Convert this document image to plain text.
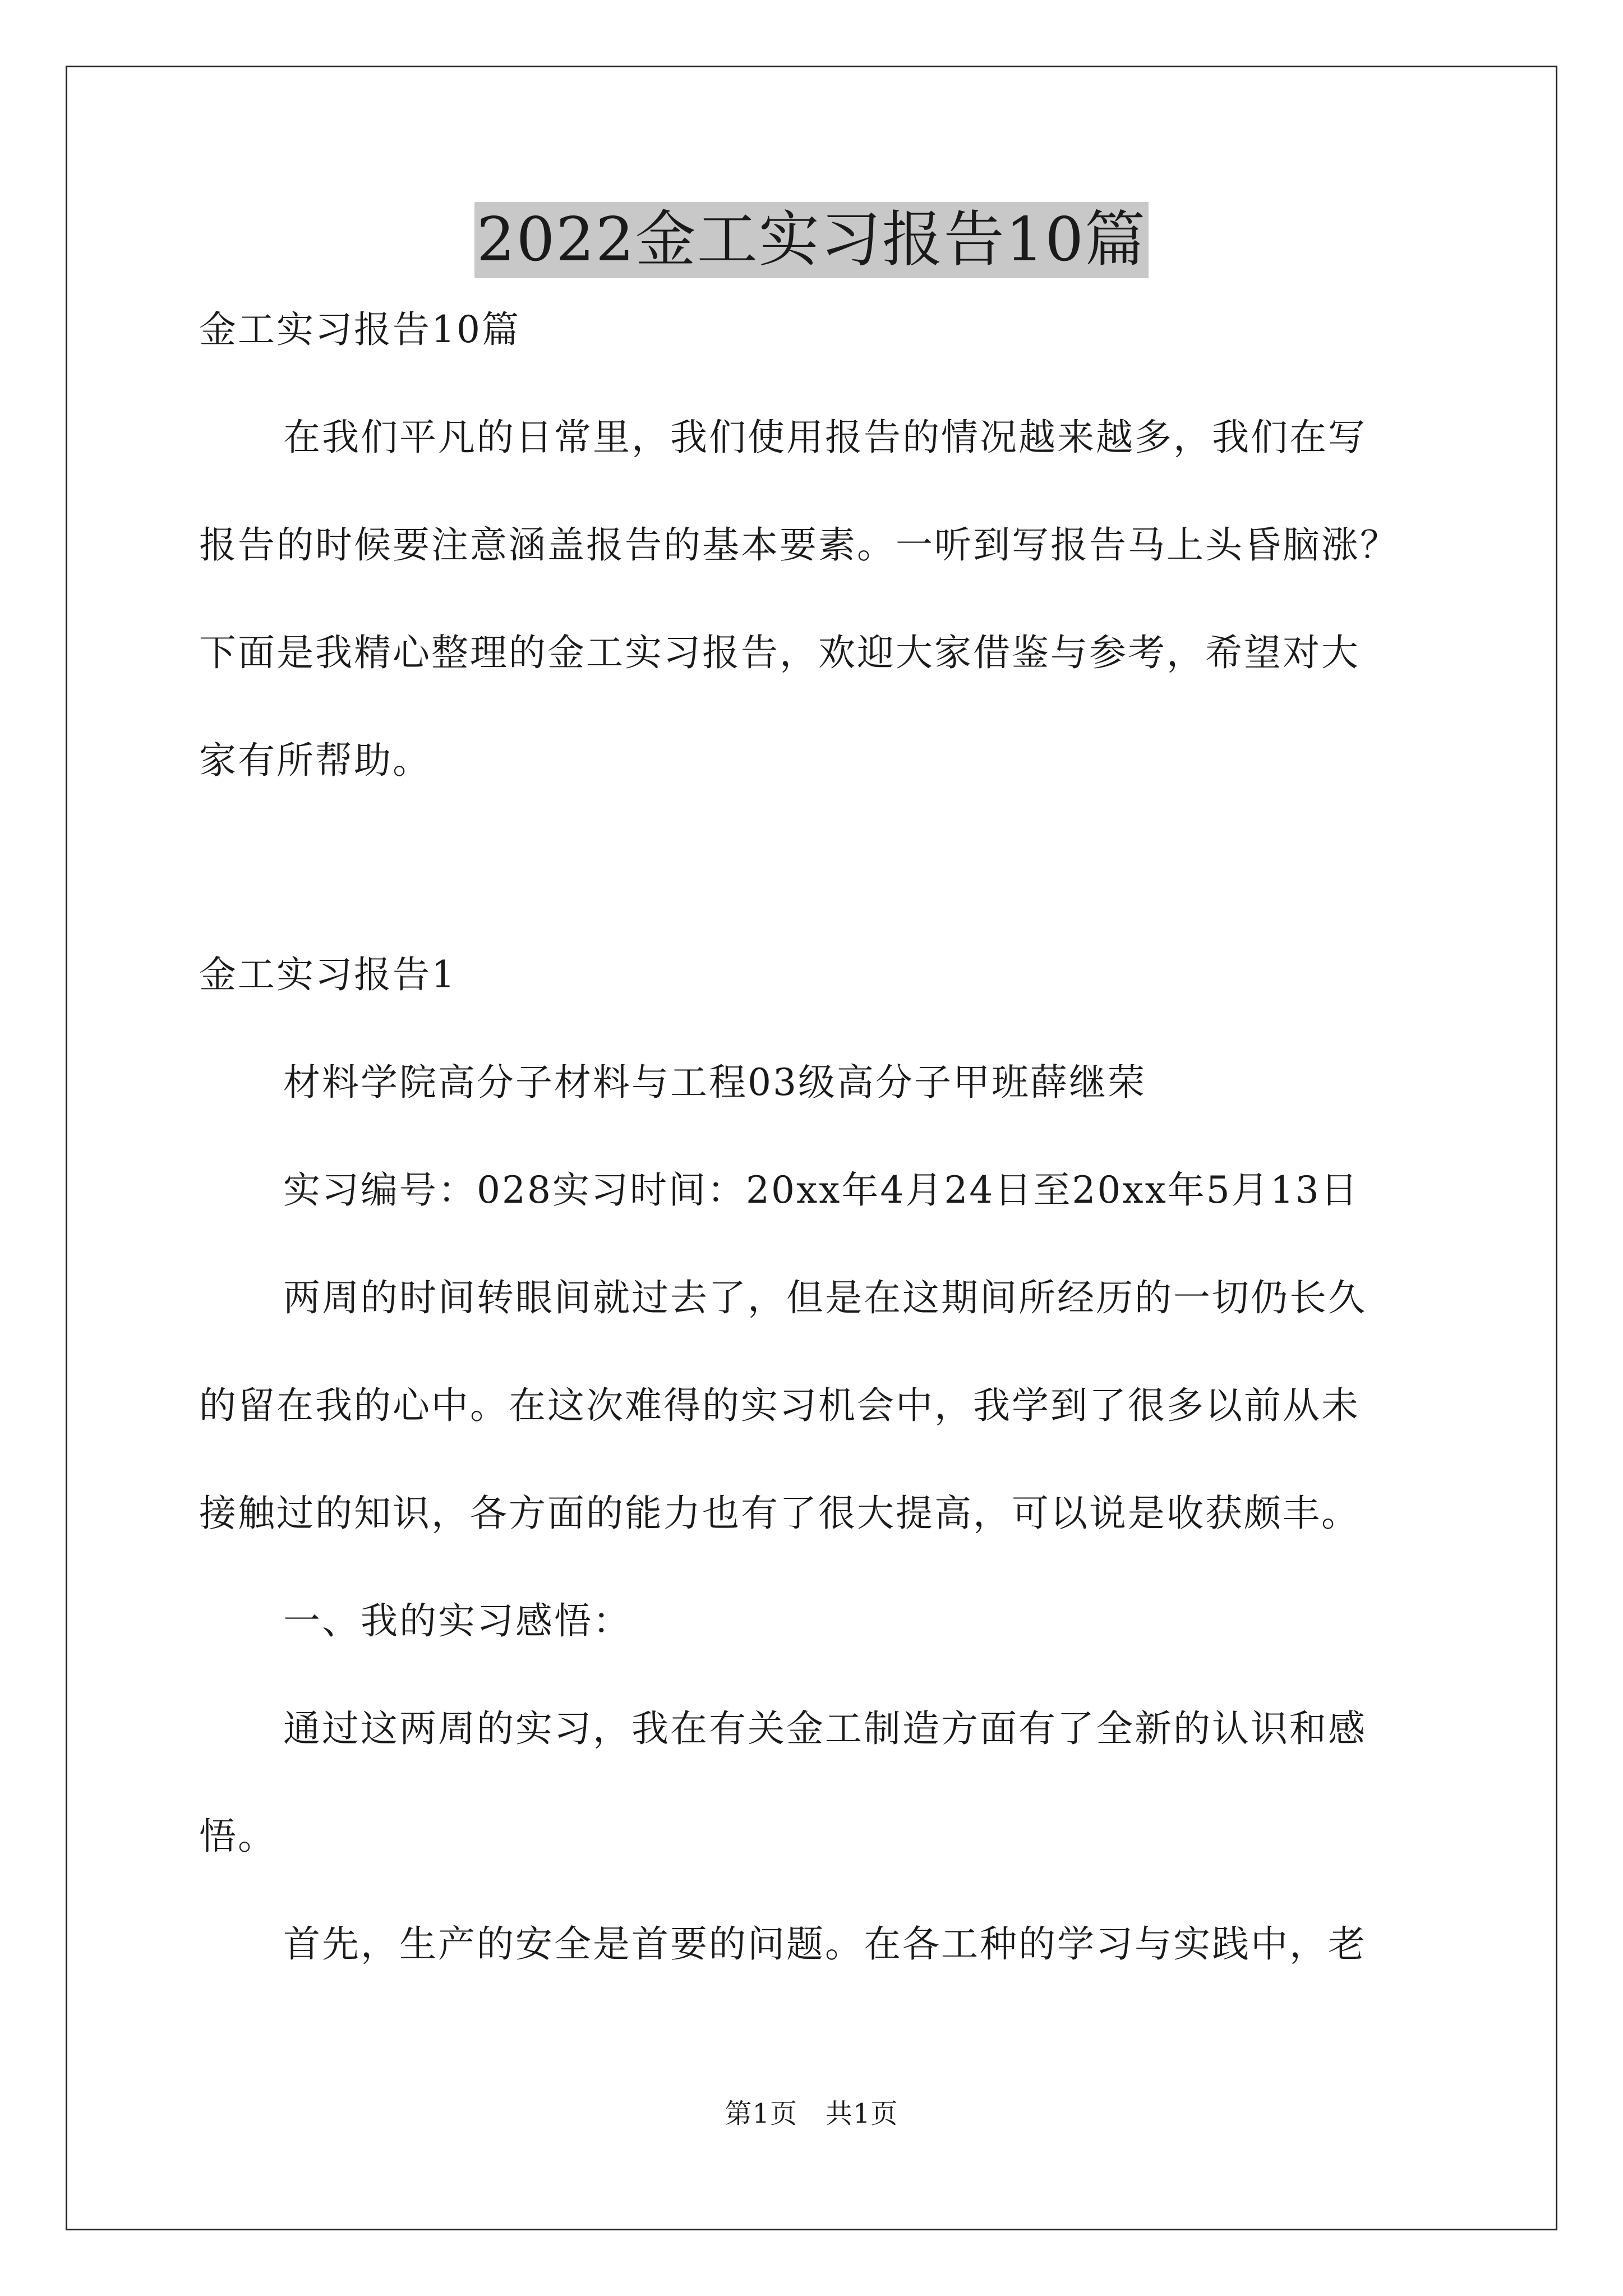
2022金工实习报告10篇

金工实习报告10篇

在我们平凡的日常里，我们使用报告的情况越来越多，我们在写
报告的时候要注意涵盖报告的基本要素。一听到写报告马上头昏脑涨？
下面是我精心整理的金工实习报告，欢迎大家借鉴与参考，希望对大
家有所帮助。

金工实习报告1

材料学院高分子材料与工程03级高分子甲班薛继荣

实习编号：028实习时间：20xx年4月24日至20xx年5月13日

两周的时间转眼间就过去了，但是在这期间所经历的一切仍长久
的留在我的心中。在这次难得的实习机会中，我学到了很多以前从未
接触过的知识，各方面的能力也有了很大提高，可以说是收获颇丰。

一、我的实习感悟：

通过这两周的实习，我在有关金工制造方面有了全新的认识和感
悟。

首先，生产的安全是首要的问题。在各工种的学习与实践中，老

第1页 共1页
